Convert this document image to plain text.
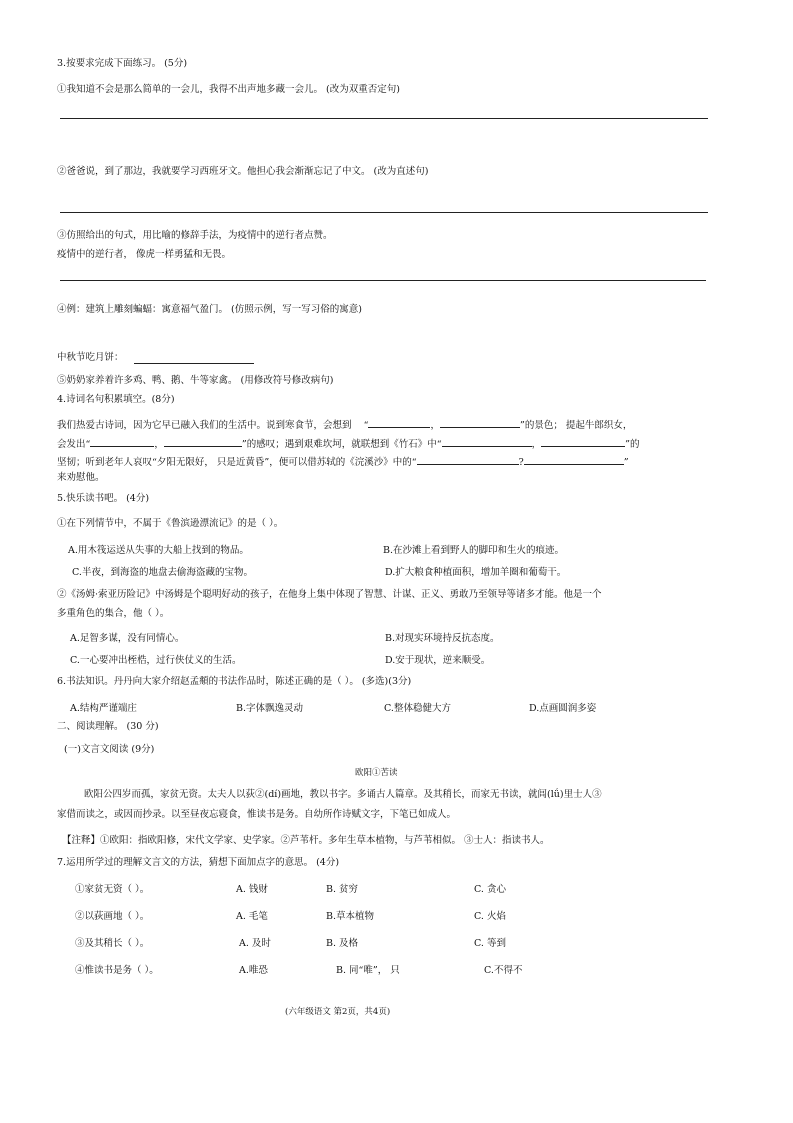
3.按要求完成下面练习。 (5分)
①我知道不会是那么简单的一会儿，我得不出声地多藏一会儿。 (改为双重否定句)
②爸爸说，到了那边，我就要学习西班牙文。他担心我会渐渐忘记了中文。 (改为直述句)
③仿照给出的句式，用比喻的修辞手法，为疫情中的逆行者点赞。
疫情中的逆行者， 像虎一样勇猛和无畏。
④例：建筑上雕刻蝙蝠：寓意福气盈门。 (仿照示例，写一写习俗的寓意)
中秋节吃月饼：
⑤奶奶家养着许多鸡、鸭、鹅、牛等家禽。 (用修改符号修改病句)
4.诗词名句积累填空。(8分)
我们热爱古诗词，因为它早已融入我们的生活中。说到寒食节，会想到    “	，	”的景色； 提起牛郎织女，
会发出“	，	”的感叹；遇到艰难坎坷，就联想到《竹石》中“	，	”的
坚韧；听到老年人哀叹“夕阳无限好， 只是近黄昏”，便可以借苏轼的《浣溪沙》中的“	?	”
来劝慰他。
5.快乐读书吧。 (4分)
①在下列情节中，不属于《鲁滨逊漂流记》的是（ ）。
A.用木筏运送从失事的大船上找到的物品。	B.在沙滩上看到野人的脚印和生火的痕迹。
C.半夜，到海盗的地盘去偷海盗藏的宝物。	D.扩大粮食种植面积，增加羊圈和葡萄干。
②《汤姆·索亚历险记》中汤姆是个聪明好动的孩子，在他身上集中体现了智慧、计谋、正义、勇敢乃至领导等诸多才能。他是一个
多重角色的集合，他（ ）。
A.足智多谋，没有同情心。	B.对现实环境持反抗态度。
C.一心要冲出桎梏，过行侠仗义的生活。	D.安于现状，逆来顺受。
6.书法知识。丹丹向大家介绍赵孟頫的书法作品时，陈述正确的是（ ）。 (多选)(3分)
A.结构严谨端庄	B.字体飘逸灵动	C.整体稳健大方	D.点画圆润多姿
二、阅读理解。 (30 分)
(一)文言文阅读 (9分)
欧阳①苦读
欧阳公四岁而孤，家贫无资。太夫人以荻②(dí)画地，教以书字。多诵古人篇章。及其稍长，而家无书读，就闾(lǘ)里士人③
家借而读之，或因而抄录。以至昼夜忘寝食，惟读书是务。自幼所作诗赋文字，下笔已如成人。
【注释】①欧阳：指欧阳修，宋代文学家、史学家。②芦苇杆。多年生草本植物，与芦苇相似。 ③士人：指读书人。
7.运用所学过的理解文言文的方法，猜想下面加点字的意思。 (4分)
①家贫无资（ ）。	A. 钱财	B. 贫穷	C. 贪心
②以荻画地（ ）。	A. 毛笔	B.草本植物	C. 火焰
③及其稍长（ ）。	A. 及时	B. 及格	C. 等到
④惟读书是务（ ）。	A.唯恐	B. 同“唯”， 只	C.不得不
(六年级语文 第2页，共4页)
